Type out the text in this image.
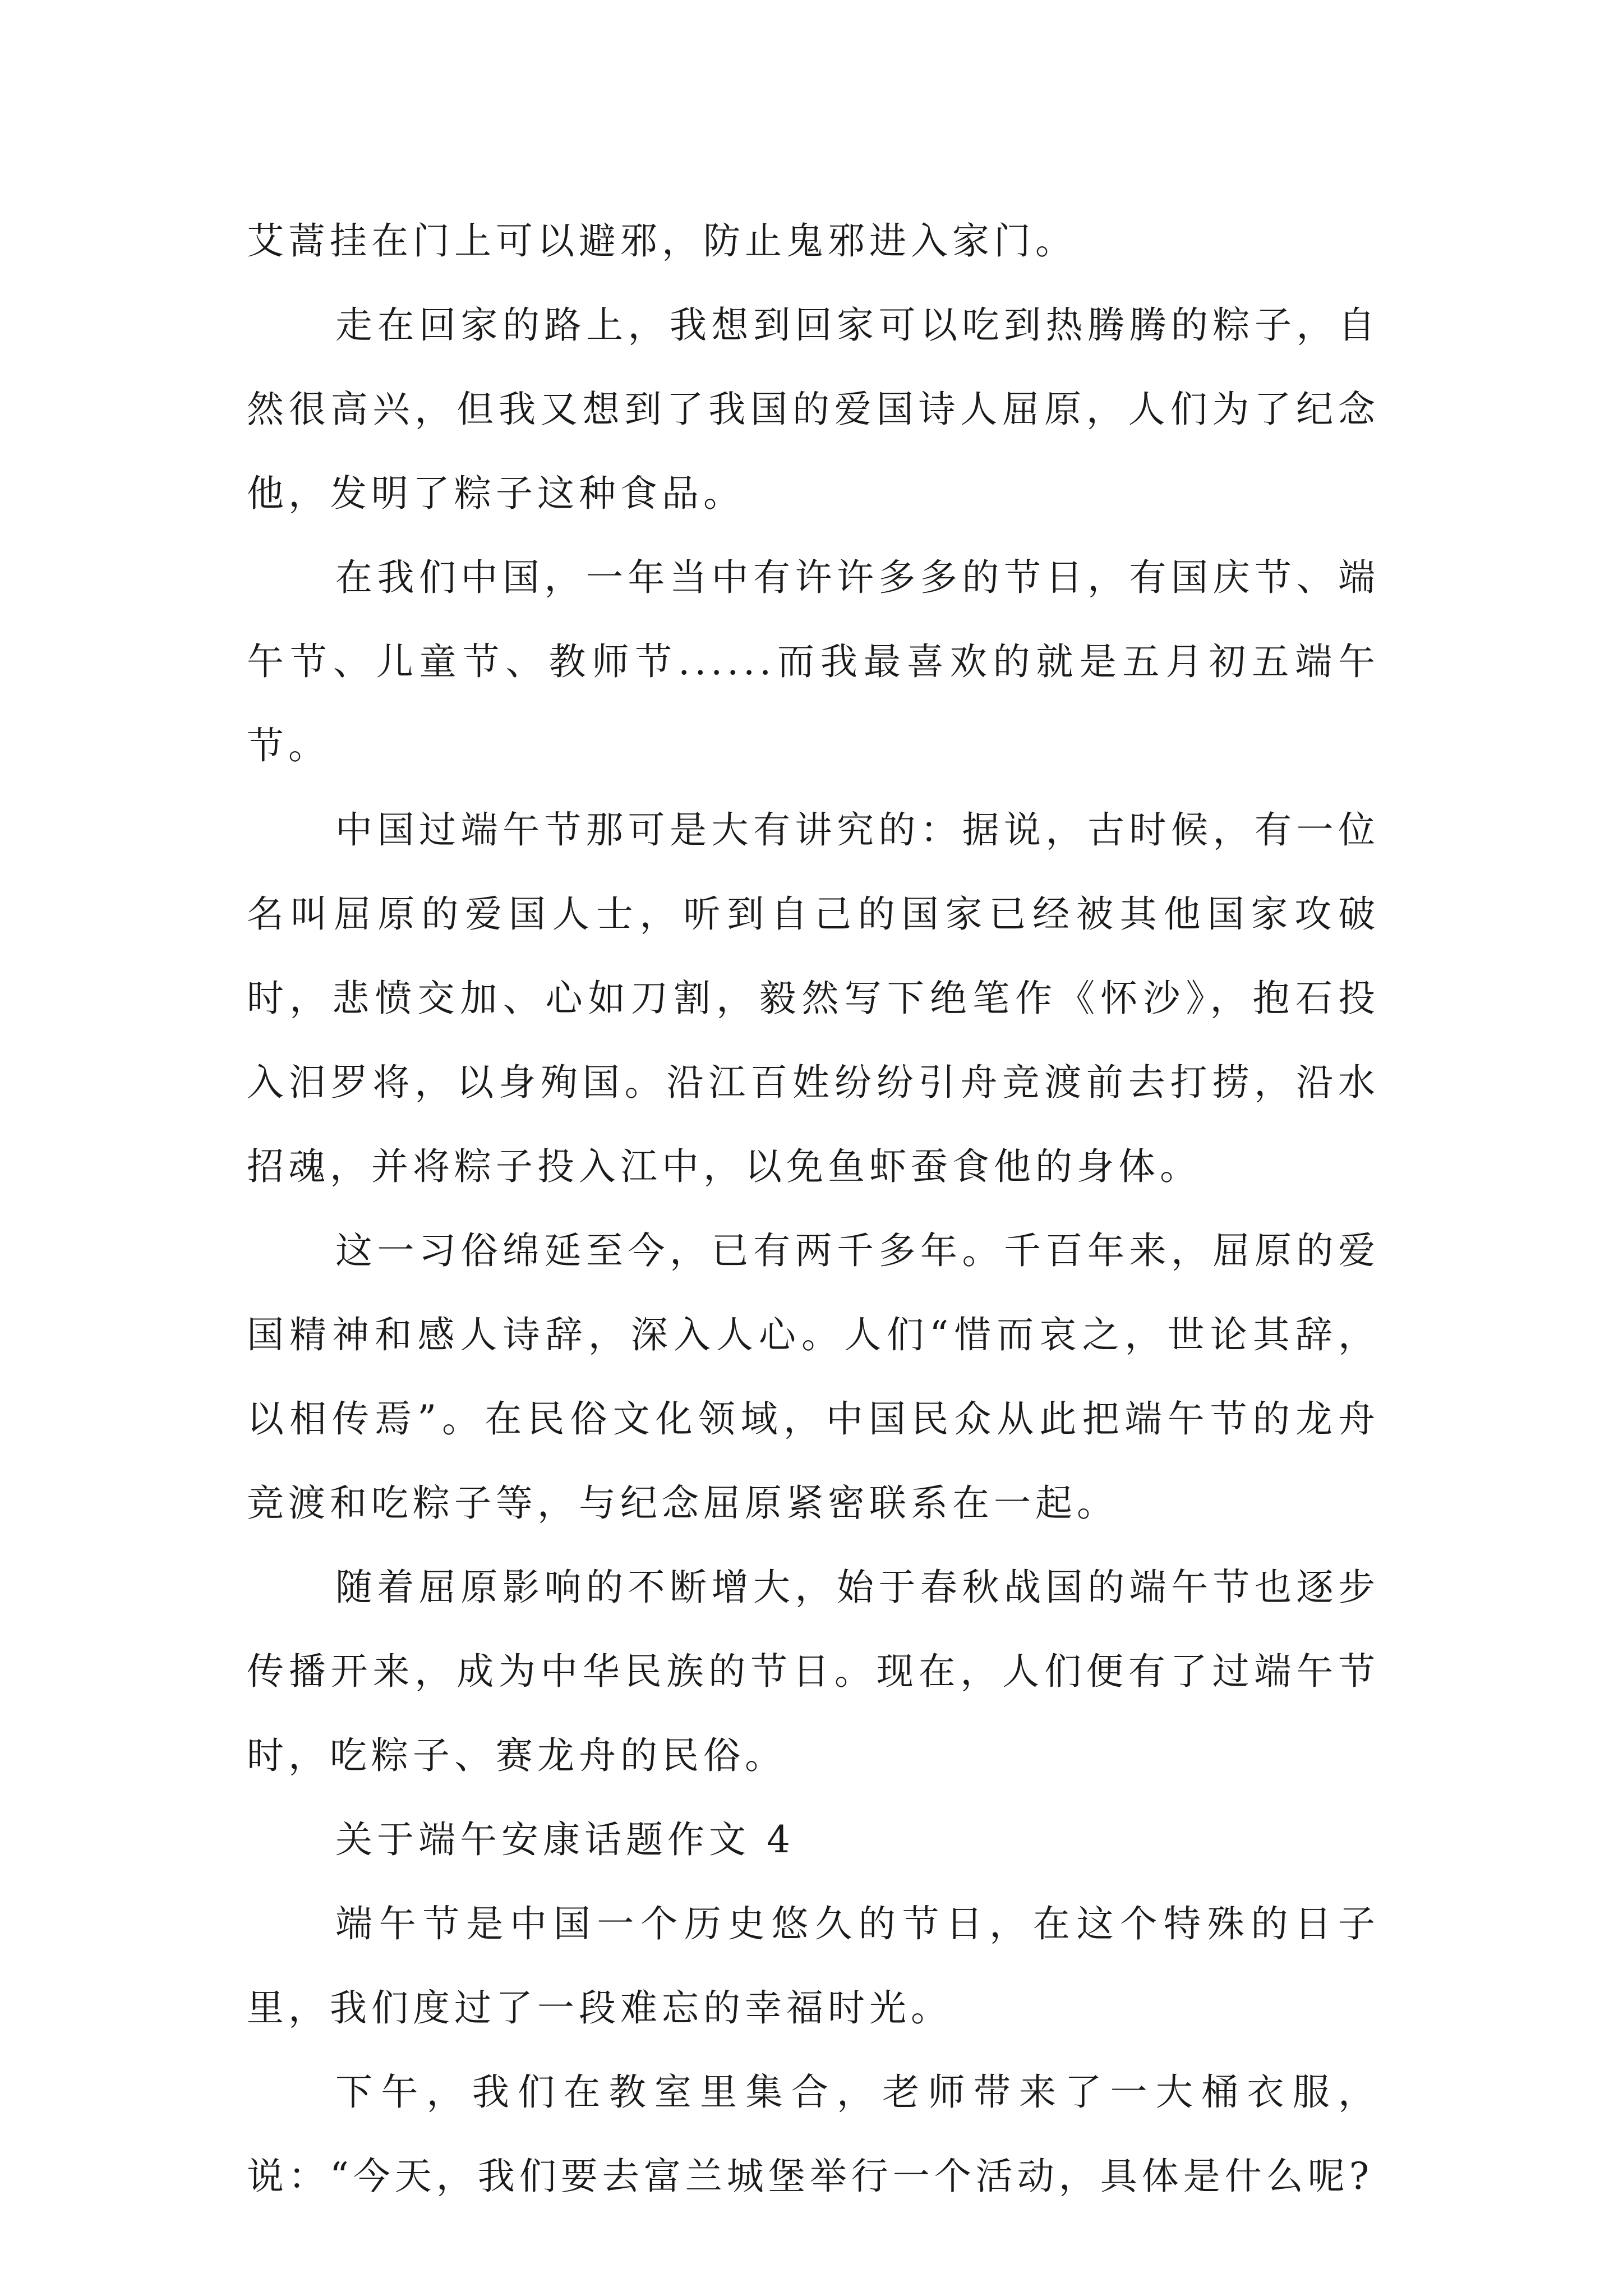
艾蒿挂在门上可以避邪，防止鬼邪进入家门。

走在回家的路上，我想到回家可以吃到热腾腾的粽子，自然很高兴，但我又想到了我国的爱国诗人屈原，人们为了纪念他，发明了粽子这种食品。

在我们中国，一年当中有许许多多的节日，有国庆节、端午节、儿童节、教师节......而我最喜欢的就是五月初五端午节。

中国过端午节那可是大有讲究的：据说，古时候，有一位名叫屈原的爱国人士，听到自己的国家已经被其他国家攻破时，悲愤交加、心如刀割，毅然写下绝笔作《怀沙》，抱石投入汨罗将，以身殉国。沿江百姓纷纷引舟竞渡前去打捞，沿水招魂，并将粽子投入江中，以免鱼虾蚕食他的身体。

这一习俗绵延至今，已有两千多年。千百年来，屈原的爱国精神和感人诗辞，深入人心。人们“惜而哀之，世论其辞，以相传焉”。在民俗文化领域，中国民众从此把端午节的龙舟竞渡和吃粽子等，与纪念屈原紧密联系在一起。

随着屈原影响的不断增大，始于春秋战国的端午节也逐步传播开来，成为中华民族的节日。现在，人们便有了过端午节时，吃粽子、赛龙舟的民俗。

关于端午安康话题作文 4

端午节是中国一个历史悠久的节日，在这个特殊的日子里，我们度过了一段难忘的幸福时光。

下午，我们在教室里集合，老师带来了一大桶衣服，说：“今天，我们要去富兰城堡举行一个活动，具体是什么呢?
